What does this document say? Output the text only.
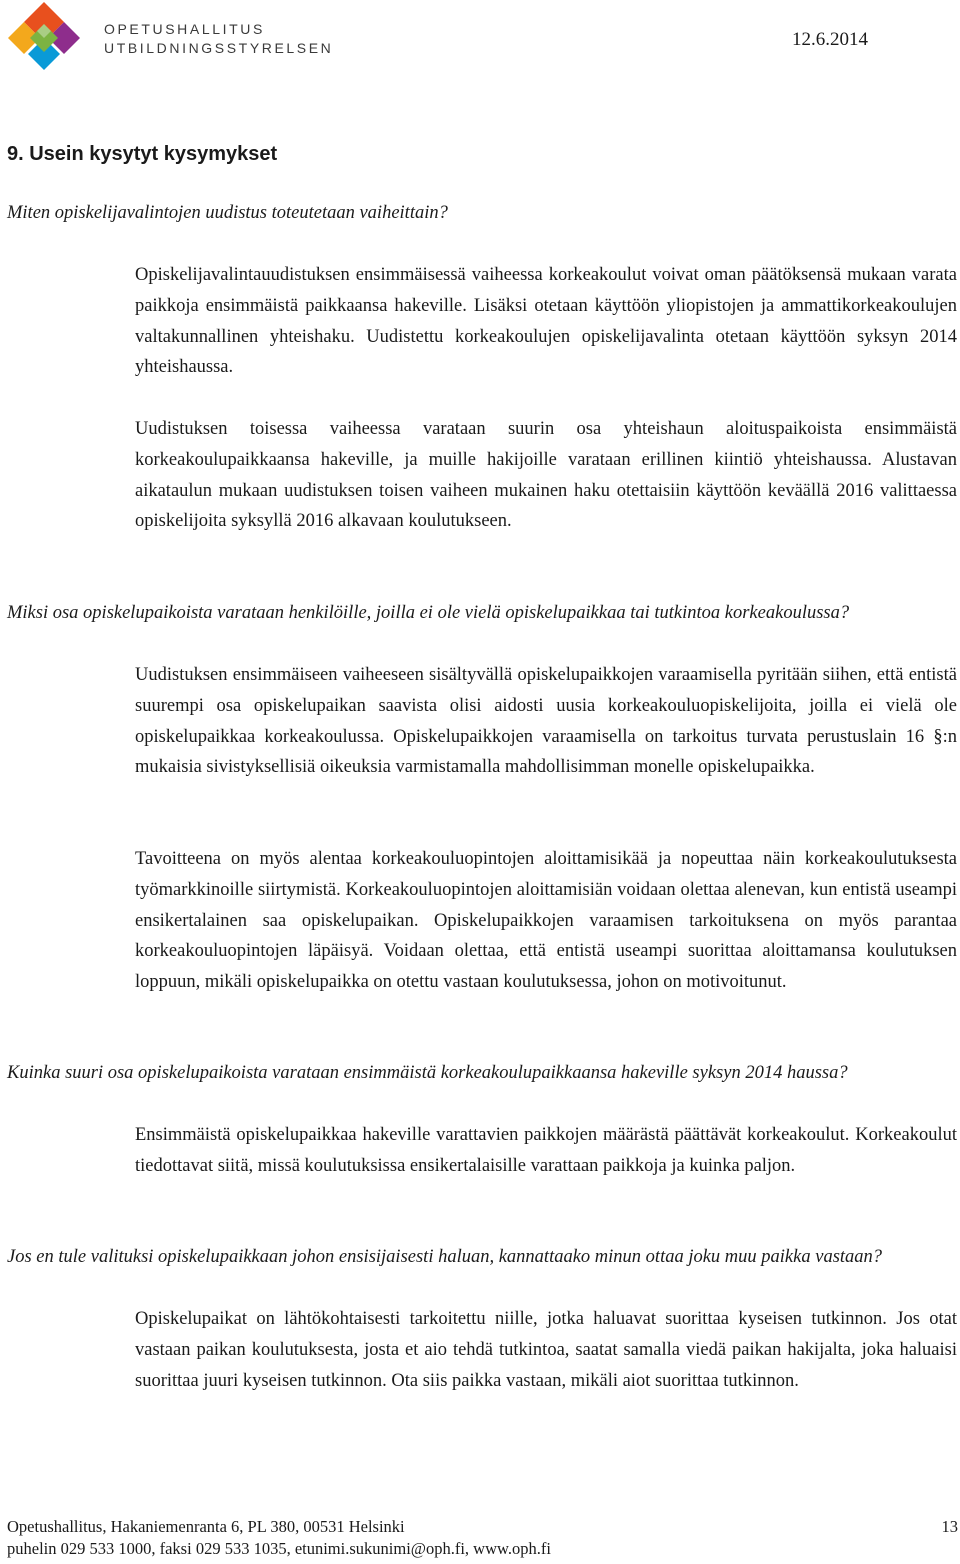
OPETUSHALLITUS
UTBILDNINGSSTYRELSEN	12.6.2014
9. Usein kysytyt kysymykset

Miten opiskelijavalintojen uudistus toteutetaan vaiheittain?

Opiskelijavalintauudistuksen ensimmäisessä vaiheessa korkeakoulut voivat oman päätöksensä mukaan varata paikkoja ensimmäistä paikkaansa hakeville. Lisäksi otetaan käyttöön yliopistojen ja ammattikorkeakoulujen valtakunnallinen yhteishaku. Uudistettu korkeakoulujen opiskelijavalinta otetaan käyttöön syksyn 2014 yhteishaussa.

Uudistuksen toisessa vaiheessa varataan suurin osa yhteishaun aloituspaikoista ensimmäistä korkeakoulupaikkaansa hakeville, ja muille hakijoille varataan erillinen kiintiö yhteishaussa. Alustavan aikataulun mukaan uudistuksen toisen vaiheen mukainen haku otettaisiin käyttöön keväällä 2016 valittaessa opiskelijoita syksyllä 2016 alkavaan koulutukseen.

Miksi osa opiskelupaikoista varataan henkilöille, joilla ei ole vielä opiskelupaikkaa tai tutkintoa korkeakoulussa?

Uudistuksen ensimmäiseen vaiheeseen sisältyvällä opiskelupaikkojen varaamisella pyritään siihen, että entistä suurempi osa opiskelupaikan saavista olisi aidosti uusia korkeakouluopiskelijoita, joilla ei vielä ole opiskelupaikkaa korkeakoulussa. Opiskelupaikkojen varaamisella on tarkoitus turvata perustuslain 16 §:n mukaisia sivistyksellisiä oikeuksia varmistamalla mahdollisimman monelle opiskelupaikka.

Tavoitteena on myös alentaa korkeakouluopintojen aloittamisikää ja nopeuttaa näin korkeakoulutuksesta työmarkkinoille siirtymistä. Korkeakouluopintojen aloittamisiän voidaan olettaa alenevan, kun entistä useampi ensikertalainen saa opiskelupaikan. Opiskelupaikkojen varaamisen tarkoituksena on myös parantaa korkeakouluopintojen läpäisyä. Voidaan olettaa, että entistä useampi suorittaa aloittamansa koulutuksen loppuun, mikäli opiskelupaikka on otettu vastaan koulutuksessa, johon on motivoitunut.

Kuinka suuri osa opiskelupaikoista varataan ensimmäistä korkeakoulupaikkaansa hakeville syksyn 2014 haussa?

Ensimmäistä opiskelupaikkaa hakeville varattavien paikkojen määrästä päättävät korkeakoulut. Korkeakoulut tiedottavat siitä, missä koulutuksissa ensikertalaisille varattaan paikkoja ja kuinka paljon.

Jos en tule valituksi opiskelupaikkaan johon ensisijaisesti haluan, kannattaako minun ottaa joku muu paikka vastaan?

Opiskelupaikat on lähtökohtaisesti tarkoitettu niille, jotka haluavat suorittaa kyseisen tutkinnon. Jos otat vastaan paikan koulutuksesta, josta et aio tehdä tutkintoa, saatat samalla viedä paikan hakijalta, joka haluaisi suorittaa juuri kyseisen tutkinnon. Ota siis paikka vastaan, mikäli aiot suorittaa tutkinnon.

Opetushallitus, Hakaniemenranta 6, PL 380, 00531 Helsinki	13
puhelin 029 533 1000, faksi 029 533 1035, etunimi.sukunimi@oph.fi, www.oph.fi
